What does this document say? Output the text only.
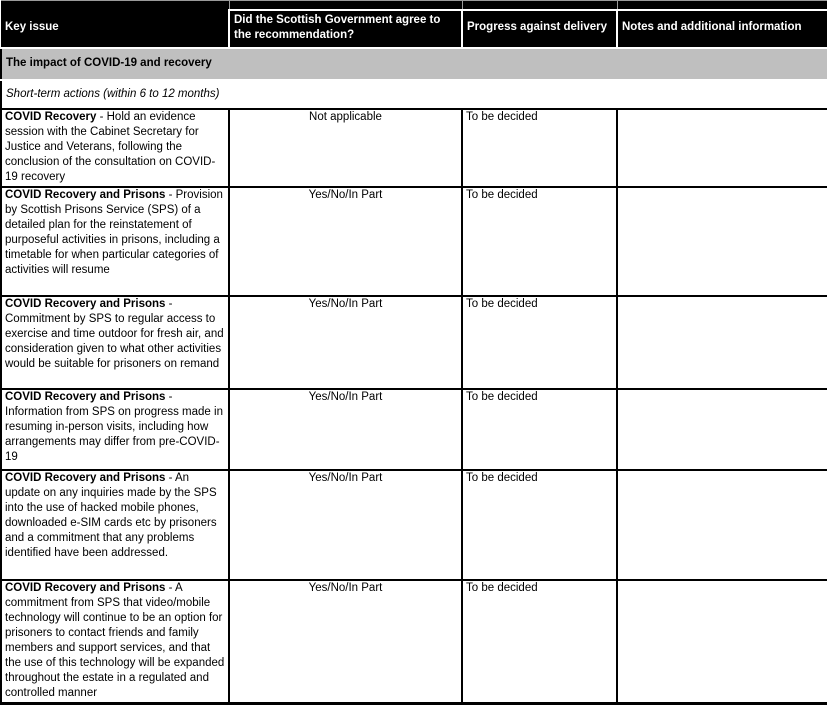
Key issue	Did the Scottish Government agree to the recommendation?	Progress against delivery	Notes and additional information
The impact of COVID-19 and recovery			
Short-term actions (within 6 to 12 months)			
COVID Recovery - Hold an evidence session with the Cabinet Secretary for Justice and Veterans, following the conclusion of the consultation on COVID-19 recovery	Not applicable	To be decided	
COVID Recovery and Prisons - Provision by Scottish Prisons Service (SPS) of a detailed plan for the reinstatement of purposeful activities in prisons, including a timetable for when particular categories of activities will resume	Yes/No/In Part	To be decided	
COVID Recovery and Prisons - Commitment by SPS to regular access to exercise and time outdoor for fresh air, and consideration given to what other activities would be suitable for prisoners on remand	Yes/No/In Part	To be decided	
COVID Recovery and Prisons - Information from SPS on progress made in resuming in-person visits, including how arrangements may differ from pre-COVID-19	Yes/No/In Part	To be decided	
COVID Recovery and Prisons - An update on any inquiries made by the SPS into the use of hacked mobile phones, downloaded e-SIM cards etc by prisoners and a commitment that any problems identified have been addressed.	Yes/No/In Part	To be decided	
COVID Recovery and Prisons - A commitment from SPS that video/mobile technology will continue to be an option for prisoners to contact friends and family members and support services, and that the use of this technology will be expanded throughout the estate in a regulated and controlled manner	Yes/No/In Part	To be decided	
